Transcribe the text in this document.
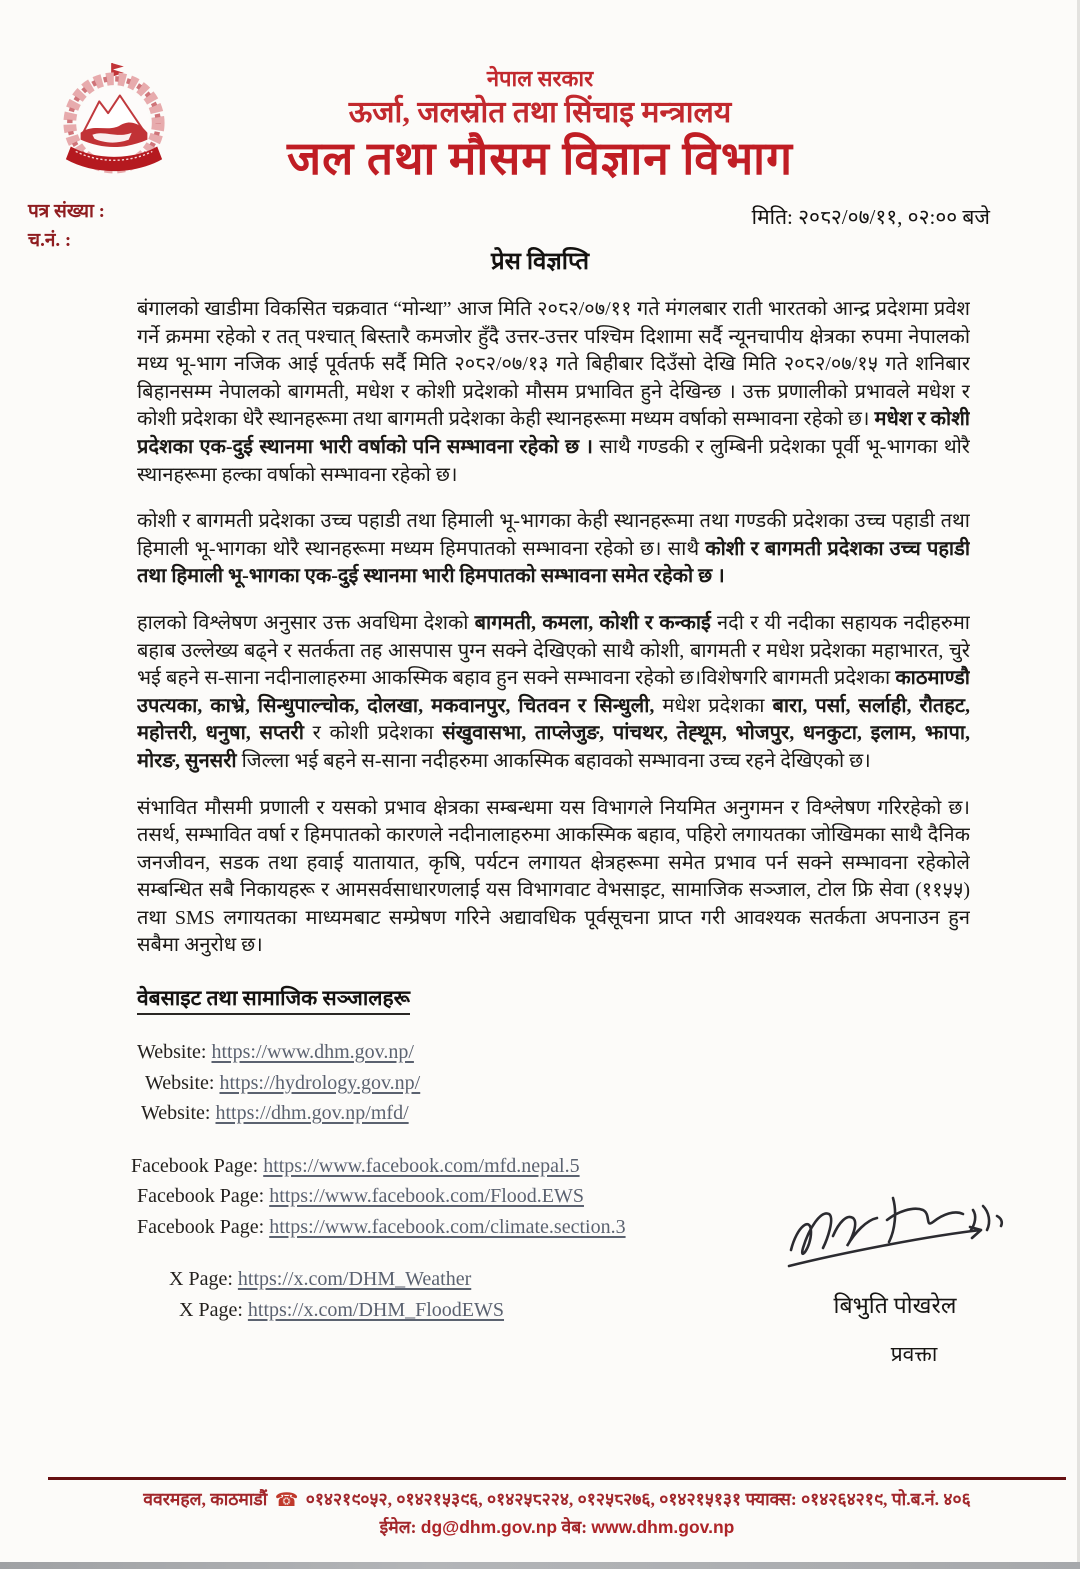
नेपाल सरकार
ऊर्जा, जलस्रोत तथा सिंचाइ मन्त्रालय
जल तथा मौसम विज्ञान विभाग
पत्र संख्या :
च.नं. :
मिति: २०८२/०७/११, ०२:०० बजे
प्रेस विज्ञप्ति

बंगालको खाडीमा विकसित चक्रवात “मोन्था” आज मिति २०८२/०७/११ गते मंगलबार राती भारतको आन्द्र प्रदेशमा प्रवेश गर्ने क्रममा रहेको र तत् पश्चात् बिस्तारै कमजोर हुँदै उत्तर-उत्तर पश्चिम दिशामा सर्दै न्यूनचापीय क्षेत्रका रुपमा नेपालको मध्य भू-भाग नजिक आई पूर्वतर्फ सर्दै मिति २०८२/०७/१३ गते बिहीबार दिउँसो देखि मिति २०८२/०७/१५ गते शनिबार बिहानसम्म नेपालको बागमती, मधेश र कोशी प्रदेशको मौसम प्रभावित हुने देखिन्छ । उक्त प्रणालीको प्रभावले मधेश र कोशी प्रदेशका धेरै स्थानहरूमा तथा बागमती प्रदेशका केही स्थानहरूमा मध्यम वर्षाको सम्भावना रहेको छ। मधेश र कोशी प्रदेशका एक-दुई स्थानमा भारी वर्षाको पनि सम्भावना रहेको छ । साथै गण्डकी र लुम्बिनी प्रदेशका पूर्वी भू-भागका थोरै स्थानहरूमा हल्का वर्षाको सम्भावना रहेको छ।

कोशी र बागमती प्रदेशका उच्च पहाडी तथा हिमाली भू-भागका केही स्थानहरूमा तथा गण्डकी प्रदेशका उच्च पहाडी तथा हिमाली भू-भागका थोरै स्थानहरूमा मध्यम हिमपातको सम्भावना रहेको छ। साथै कोशी र बागमती प्रदेशका उच्च पहाडी तथा हिमाली भू-भागका एक-दुई स्थानमा भारी हिमपातको सम्भावना समेत रहेको छ ।

हालको विश्लेषण अनुसार उक्त अवधिमा देशको बागमती, कमला, कोशी र कन्काई नदी र यी नदीका सहायक नदीहरुमा बहाब उल्लेख्य बढ्ने र सतर्कता तह आसपास पुग्न सक्ने देखिएको साथै कोशी, बागमती र मधेश प्रदेशका महाभारत, चुरे भई बहने स-साना नदीनालाहरुमा आकस्मिक बहाव हुन सक्ने सम्भावना रहेको छ।विशेषगरि बागमती प्रदेशका काठमाण्डौ उपत्यका, काभ्रे, सिन्धुपाल्चोक, दोलखा, मकवानपुर, चितवन र सिन्धुली, मधेश प्रदेशका बारा, पर्सा, सर्लाही, रौतहट, महोत्तरी, धनुषा, सप्तरी र कोशी प्रदेशका संखुवासभा, ताप्लेजुङ, पांचथर, तेह्थूम, भोजपुर, धनकुटा, इलाम, झापा, मोरङ, सुनसरी जिल्ला भई बहने स-साना नदीहरुमा आकस्मिक बहावको सम्भावना उच्च रहने देखिएको छ।

संभावित मौसमी प्रणाली र यसको प्रभाव क्षेत्रका सम्बन्धमा यस विभागले नियमित अनुगमन र विश्लेषण गरिरहेको छ। तसर्थ, सम्भावित वर्षा र हिमपातको कारणले नदीनालाहरुमा आकस्मिक बहाव, पहिरो लगायतका जोखिमका साथै दैनिक जनजीवन, सडक तथा हवाई यातायात, कृषि, पर्यटन लगायत क्षेत्रहरूमा समेत प्रभाव पर्न सक्ने सम्भावना रहेकोले सम्बन्धित सबै निकायहरू र आमसर्वसाधारणलाई यस विभागवाट वेभसाइट, सामाजिक सञ्जाल, टोल फ्रि सेवा (११५५) तथा SMS लगायतका माध्यमबाट सम्प्रेषण गरिने अद्यावधिक पूर्वसूचना प्राप्त गरी आवश्यक सतर्कता अपनाउन हुन सबैमा अनुरोध छ।

वेबसाइट तथा सामाजिक सञ्जालहरू
Website: https://www.dhm.gov.np/
Website: https://hydrology.gov.np/
Website: https://dhm.gov.np/mfd/
Facebook Page: https://www.facebook.com/mfd.nepal.5
Facebook Page: https://www.facebook.com/Flood.EWS
Facebook Page: https://www.facebook.com/climate.section.3
X Page: https://x.com/DHM_Weather
X Page: https://x.com/DHM_FloodEWS	बिभुति पोखरेल
प्रवक्ता
ववरमहल, काठमाडौं ☎ ०१४२१९०५२, ०१४२१५३९६, ०१४२५८२२४, ०१२५८२७६, ०१४२१५१३१ फ्याक्स: ०१४२६४२१९, पो.ब.नं. ४०६
ईमेल: dg@dhm.gov.np वेब: www.dhm.gov.np
